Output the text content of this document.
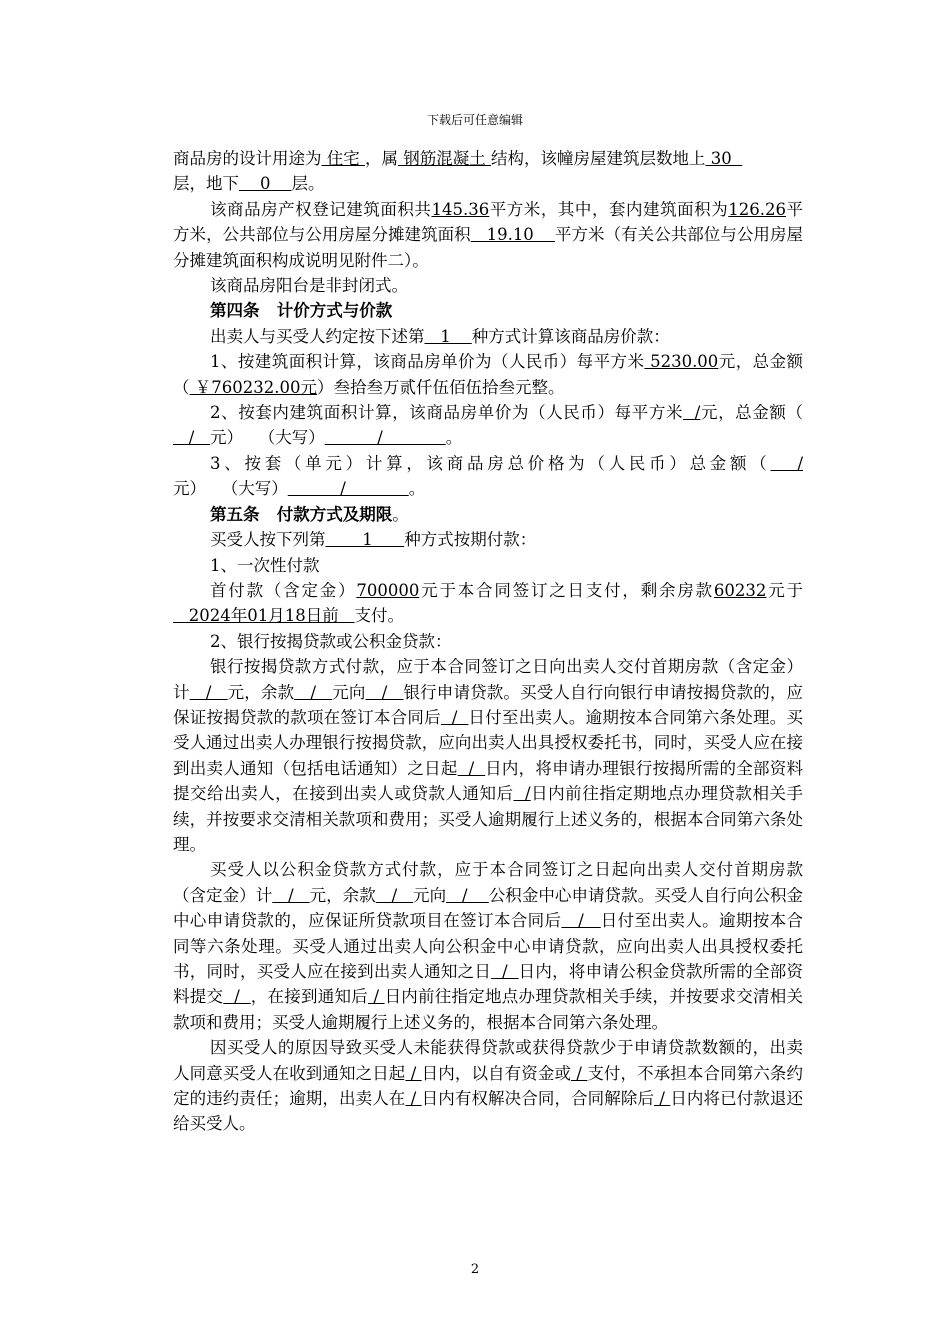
下载后可任意编辑

商品房的设计用途为 住宅 ，属 钢筋混凝土 结构，该幢房屋建筑层数地上 30

层，地下    0    层。

该商品房产权登记建筑面积共145.36平方米，其中，套内建筑面积为126.26平方米，公共部位与公用房屋分摊建筑面积   19.10    平方米（有关公共部位与公用房屋分摊建筑面积构成说明见附件二）。

该商品房阳台是非封闭式。

第四条   计价方式与价款

出卖人与买受人约定按下述第   1    种方式计算该商品房价款：

1、按建筑面积计算，该商品房单价为（人民币）每平方米 5230.00元，总金额（ ￥760232.00元）叁拾叁万贰仟伍佰伍拾叁元整。

2、按套内建筑面积计算，该商品房单价为（人民币）每平方米  /元，总金额（   /   元）   （大写）          /            。

3、按套（单元）计算，该商品房总价格为（人民币）总金额（   /元）   （大写）          /            。

第五条   付款方式及期限。

买受人按下列第       1      种方式按期付款：

1、一次性付款

首付款（含定金）700000元于本合同签订之日支付，剩余房款60232元于   2024年01月18日前   支付。

2、银行按揭贷款或公积金贷款：

银行按揭贷款方式付款，应于本合同签订之日向出卖人交付首期房款（含定金）计   /   元，余款   /   元向   /   银行申请贷款。买受人自行向银行申请按揭贷款的，应保证按揭贷款的款项在签订本合同后  /  日付至出卖人。逾期按本合同第六条处理。买受人通过出卖人办理银行按揭贷款，应向出卖人出具授权委托书，同时，买受人应在接到出卖人通知（包括电话通知）之日起  /  日内，将申请办理银行按揭所需的全部资料提交给出卖人，在接到出卖人或贷款人通知后  /日内前往指定期地点办理贷款相关手续，并按要求交清相关款项和费用；买受人逾期履行上述义务的，根据本合同第六条处理。

买受人以公积金贷款方式付款，应于本合同签订之日起向出卖人交付首期房款（含定金）计   /   元，余款   /   元向   /    公积金中心申请贷款。买受人自行向公积金中心申请贷款的，应保证所贷款项目在签订本合同后   /   日付至出卖人。逾期按本合同等六条处理。买受人通过出卖人向公积金中心申请贷款，应向出卖人出具授权委托书，同时，买受人应在接到出卖人通知之日  /  日内，将申请公积金贷款所需的全部资料提交  /  ，在接到通知后 / 日内前往指定地点办理贷款相关手续，并按要求交清相关款项和费用；买受人逾期履行上述义务的，根据本合同第六条处理。

因买受人的原因导致买受人未能获得贷款或获得贷款少于申请贷款数额的，出卖人同意买受人在收到通知之日起 / 日内，以自有资金或 / 支付，不承担本合同第六条约定的违约责任；逾期，出卖人在 / 日内有权解决合同，合同解除后 / 日内将已付款退还给买受人。

2
